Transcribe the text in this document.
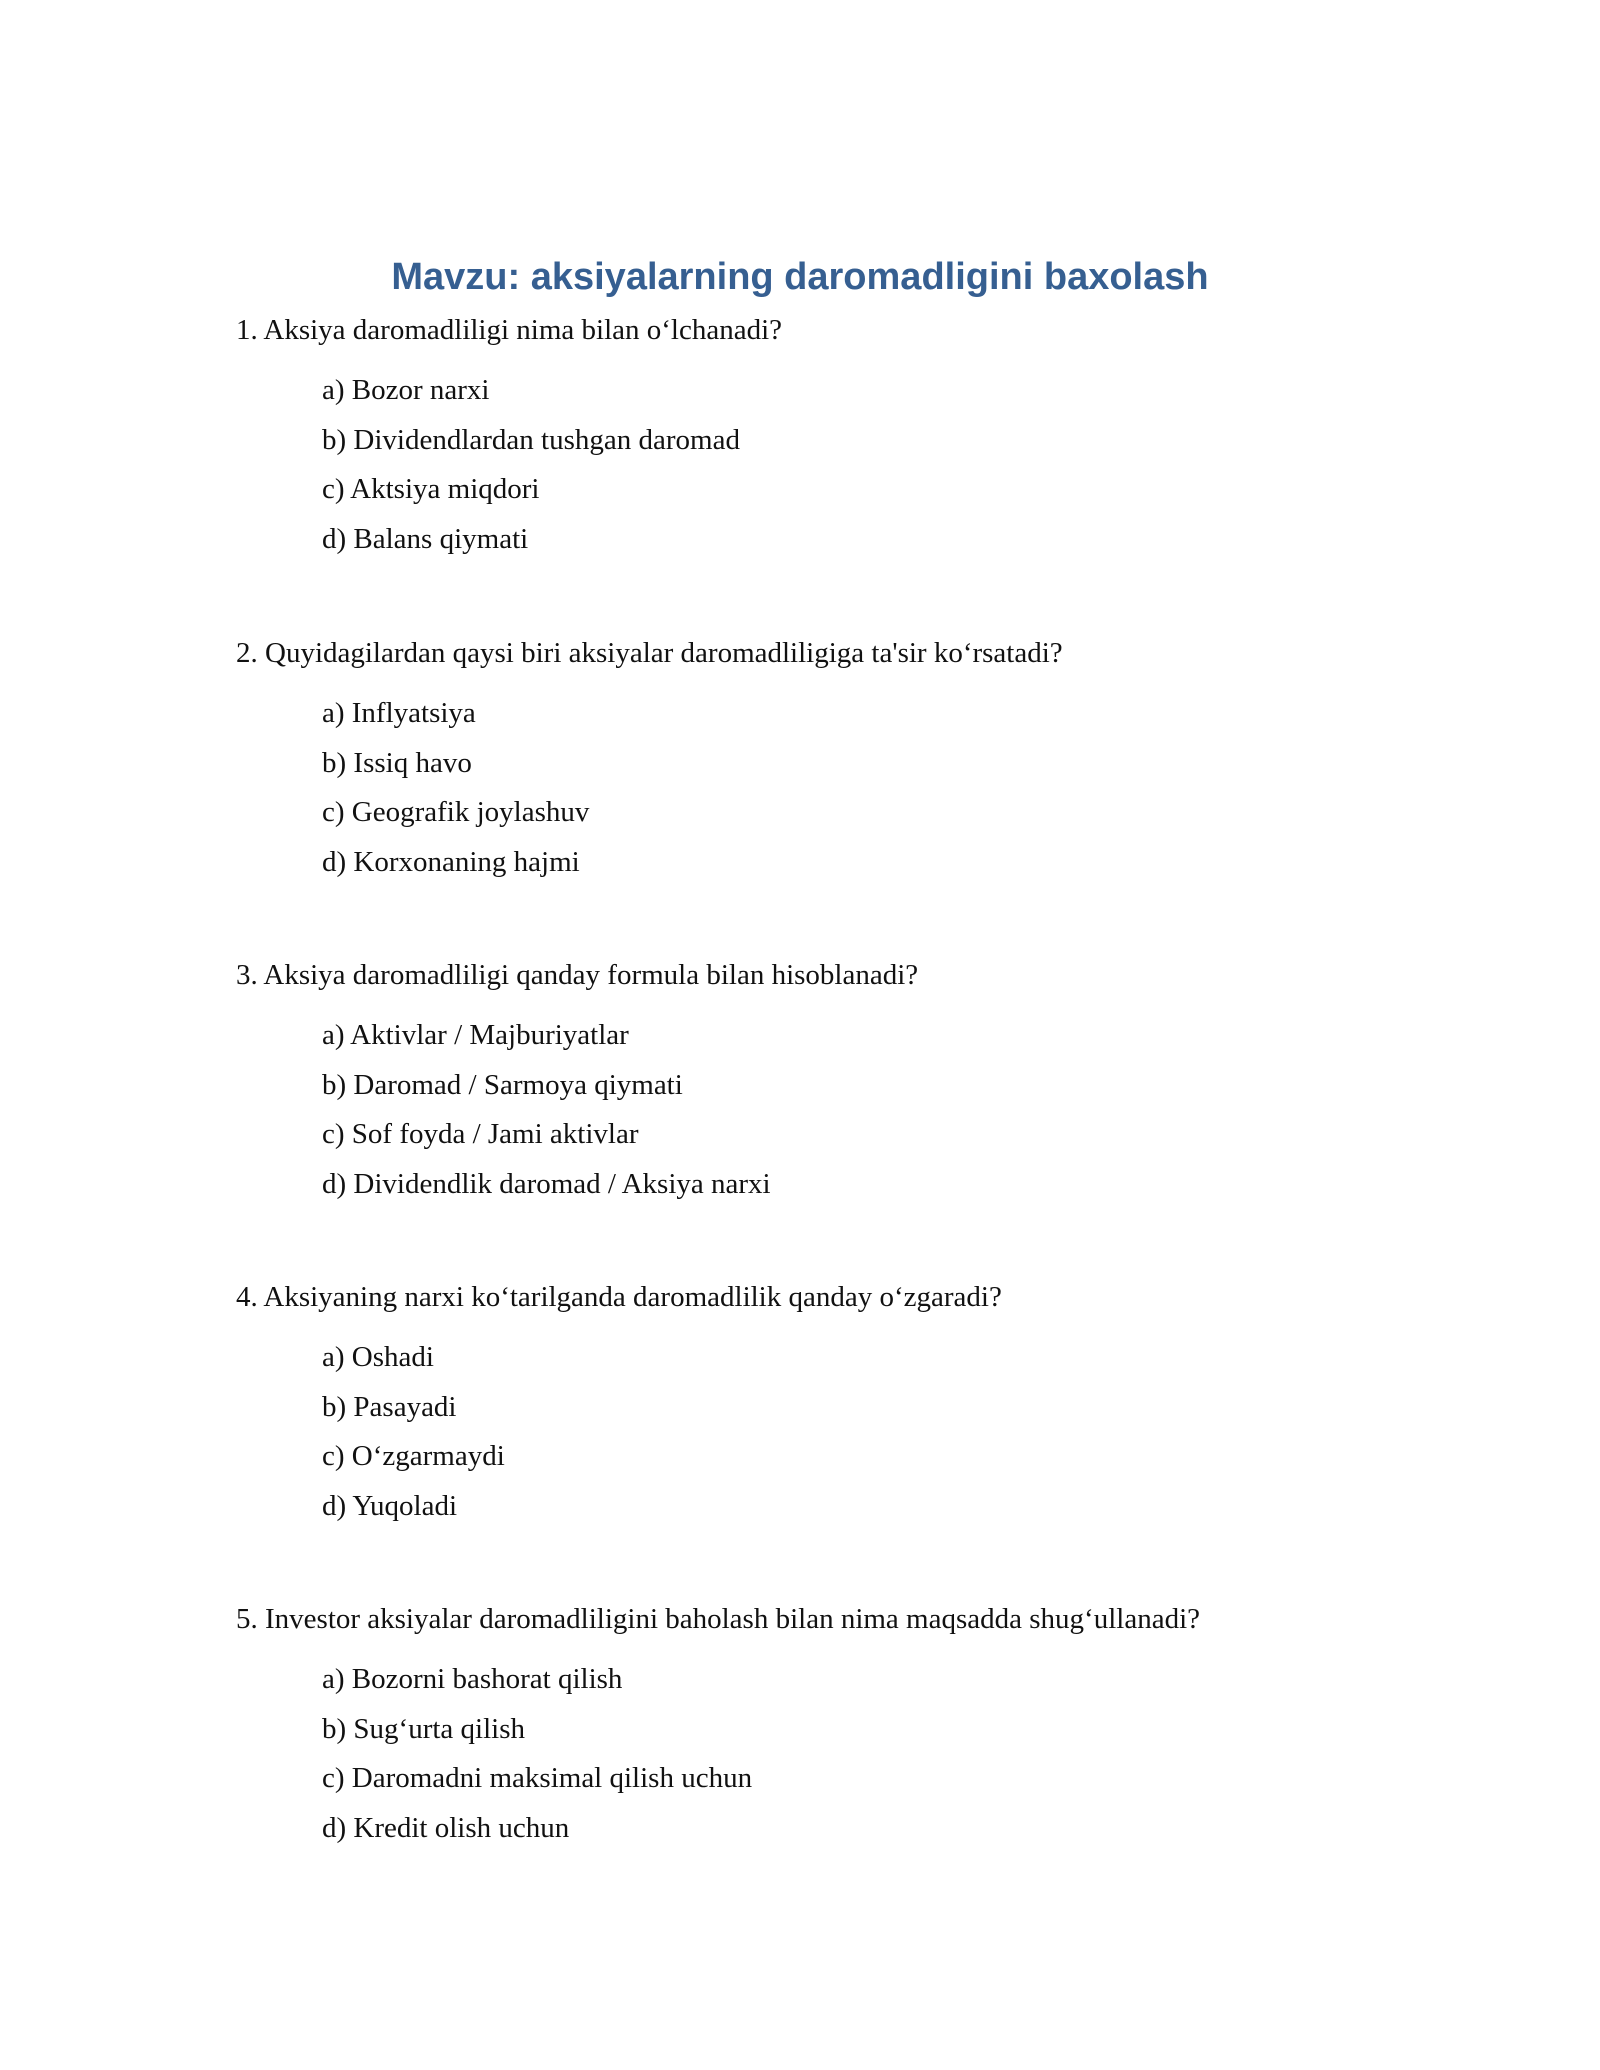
Mavzu: aksiyalarning daromadligini baxolash

1. Aksiya daromadliligi nima bilan o‘lchanadi?

a) Bozor narxi
b) Dividendlardan tushgan daromad
c) Aktsiya miqdori
d) Balans qiymati

2. Quyidagilardan qaysi biri aksiyalar daromadliligiga ta'sir ko‘rsatadi?

a) Inflyatsiya
b) Issiq havo
c) Geografik joylashuv
d) Korxonaning hajmi

3. Aksiya daromadliligi qanday formula bilan hisoblanadi?

a) Aktivlar / Majburiyatlar
b) Daromad / Sarmoya qiymati
c) Sof foyda / Jami aktivlar
d) Dividendlik daromad / Aksiya narxi

4. Aksiyaning narxi ko‘tarilganda daromadlilik qanday o‘zgaradi?

a) Oshadi
b) Pasayadi
c) O‘zgarmaydi
d) Yuqoladi

5. Investor aksiyalar daromadliligini baholash bilan nima maqsadda shug‘ullanadi?

a) Bozorni bashorat qilish
b) Sug‘urta qilish
c) Daromadni maksimal qilish uchun
d) Kredit olish uchun
